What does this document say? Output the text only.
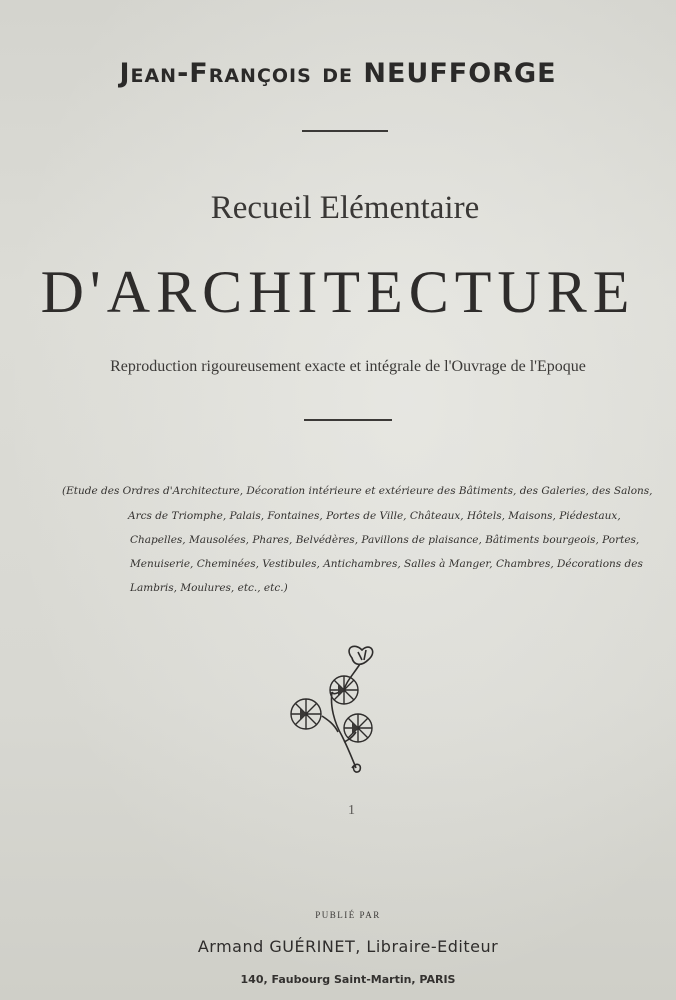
Jean-François de NEUFFORGE
Recueil Elémentaire
D'ARCHITECTURE
Reproduction rigoureusement exacte et intégrale de l'Ouvrage de l'Epoque
(Etude des Ordres d'Architecture, Décoration intérieure et extérieure des Bâtiments, des Galeries, des Salons,
Arcs de Triomphe, Palais, Fontaines, Portes de Ville, Châteaux, Hôtels, Maisons, Piédestaux,
Chapelles, Mausolées, Phares, Belvédères, Pavillons de plaisance, Bâtiments bourgeois, Portes,
Menuiserie, Cheminées, Vestibules, Antichambres, Salles à Manger, Chambres, Décorations des
Lambris, Moulures, etc., etc.)
1
PUBLIÉ PAR
Armand GUÉRINET, Libraire-Editeur
140, Faubourg Saint-Martin, PARIS
